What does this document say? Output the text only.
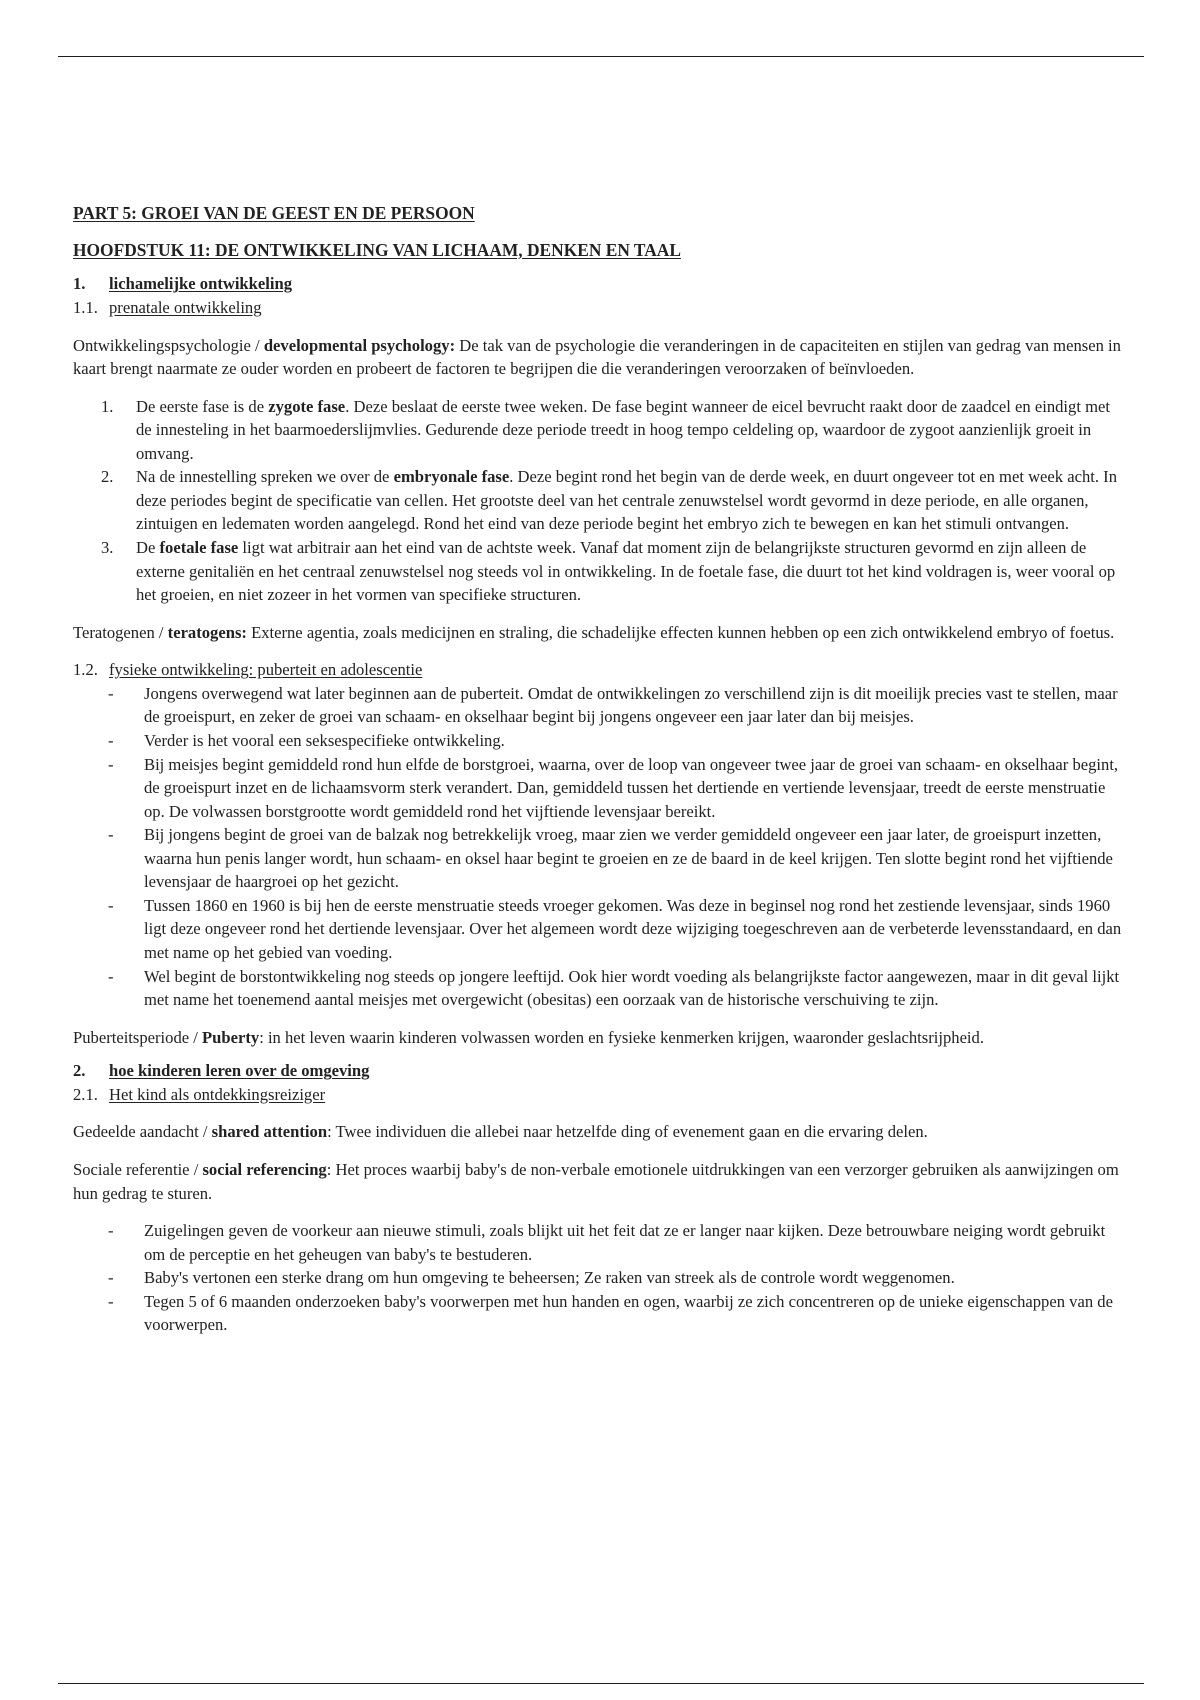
PART 5: GROEI VAN DE GEEST EN DE PERSOON

HOOFDSTUK 11: DE ONTWIKKELING VAN LICHAAM, DENKEN EN TAAL

1. lichamelijke ontwikkeling
1.1. prenatale ontwikkeling

Ontwikkelingspsychologie / developmental psychology: De tak van de psychologie die veranderingen in de capaciteiten en stijlen van gedrag van mensen in kaart brengt naarmate ze ouder worden en probeert de factoren te begrijpen die die veranderingen veroorzaken of beïnvloeden.

1. De eerste fase is de zygote fase. Deze beslaat de eerste twee weken. De fase begint wanneer de eicel bevrucht raakt door de zaadcel en eindigt met de innesteling in het baarmoederslijmvlies. Gedurende deze periode treedt in hoog tempo celdeling op, waardoor de zygoot aanzienlijk groeit in omvang.
2. Na de innestelling spreken we over de embryonale fase. Deze begint rond het begin van de derde week, en duurt ongeveer tot en met week acht. In deze periodes begint de specificatie van cellen. Het grootste deel van het centrale zenuwstelsel wordt gevormd in deze periode, en alle organen, zintuigen en ledematen worden aangelegd. Rond het eind van deze periode begint het embryo zich te bewegen en kan het stimuli ontvangen.
3. De foetale fase ligt wat arbitrair aan het eind van de achtste week. Vanaf dat moment zijn de belangrijkste structuren gevormd en zijn alleen de externe genitaliën en het centraal zenuwstelsel nog steeds vol in ontwikkeling. In de foetale fase, die duurt tot het kind voldragen is, weer vooral op het groeien, en niet zozeer in het vormen van specifieke structuren.

Teratogenen / teratogens: Externe agentia, zoals medicijnen en straling, die schadelijke effecten kunnen hebben op een zich ontwikkelend embryo of foetus.

1.2. fysieke ontwikkeling: puberteit en adolescentie
- Jongens overwegend wat later beginnen aan de puberteit. Omdat de ontwikkelingen zo verschillend zijn is dit moeilijk precies vast te stellen, maar de groeispurt, en zeker de groei van schaam- en okselhaar begint bij jongens ongeveer een jaar later dan bij meisjes.
- Verder is het vooral een seksespecifieke ontwikkeling.
- Bij meisjes begint gemiddeld rond hun elfde de borstgroei, waarna, over de loop van ongeveer twee jaar de groei van schaam- en okselhaar begint, de groeispurt inzet en de lichaamsvorm sterk verandert. Dan, gemiddeld tussen het dertiende en vertiende levensjaar, treedt de eerste menstruatie op. De volwassen borstgrootte wordt gemiddeld rond het vijftiende levensjaar bereikt.
- Bij jongens begint de groei van de balzak nog betrekkelijk vroeg, maar zien we verder gemiddeld ongeveer een jaar later, de groeispurt inzetten, waarna hun penis langer wordt, hun schaam- en oksel haar begint te groeien en ze de baard in de keel krijgen. Ten slotte begint rond het vijftiende levensjaar de haargroei op het gezicht.
- Tussen 1860 en 1960 is bij hen de eerste menstruatie steeds vroeger gekomen. Was deze in beginsel nog rond het zestiende levensjaar, sinds 1960 ligt deze ongeveer rond het dertiende levensjaar. Over het algemeen wordt deze wijziging toegeschreven aan de verbeterde levensstandaard, en dan met name op het gebied van voeding.
- Wel begint de borstontwikkeling nog steeds op jongere leeftijd. Ook hier wordt voeding als belangrijkste factor aangewezen, maar in dit geval lijkt met name het toenemend aantal meisjes met overgewicht (obesitas) een oorzaak van de historische verschuiving te zijn.

Puberteitsperiode / Puberty: in het leven waarin kinderen volwassen worden en fysieke kenmerken krijgen, waaronder geslachtsrijpheid.

2. hoe kinderen leren over de omgeving
2.1. Het kind als ontdekkingsreiziger

Gedeelde aandacht / shared attention: Twee individuen die allebei naar hetzelfde ding of evenement gaan en die ervaring delen.

Sociale referentie / social referencing: Het proces waarbij baby's de non-verbale emotionele uitdrukkingen van een verzorger gebruiken als aanwijzingen om hun gedrag te sturen.

- Zuigelingen geven de voorkeur aan nieuwe stimuli, zoals blijkt uit het feit dat ze er langer naar kijken. Deze betrouwbare neiging wordt gebruikt om de perceptie en het geheugen van baby's te bestuderen.
- Baby's vertonen een sterke drang om hun omgeving te beheersen; Ze raken van streek als de controle wordt weggenomen.
- Tegen 5 of 6 maanden onderzoeken baby's voorwerpen met hun handen en ogen, waarbij ze zich concentreren op de unieke eigenschappen van de voorwerpen.
